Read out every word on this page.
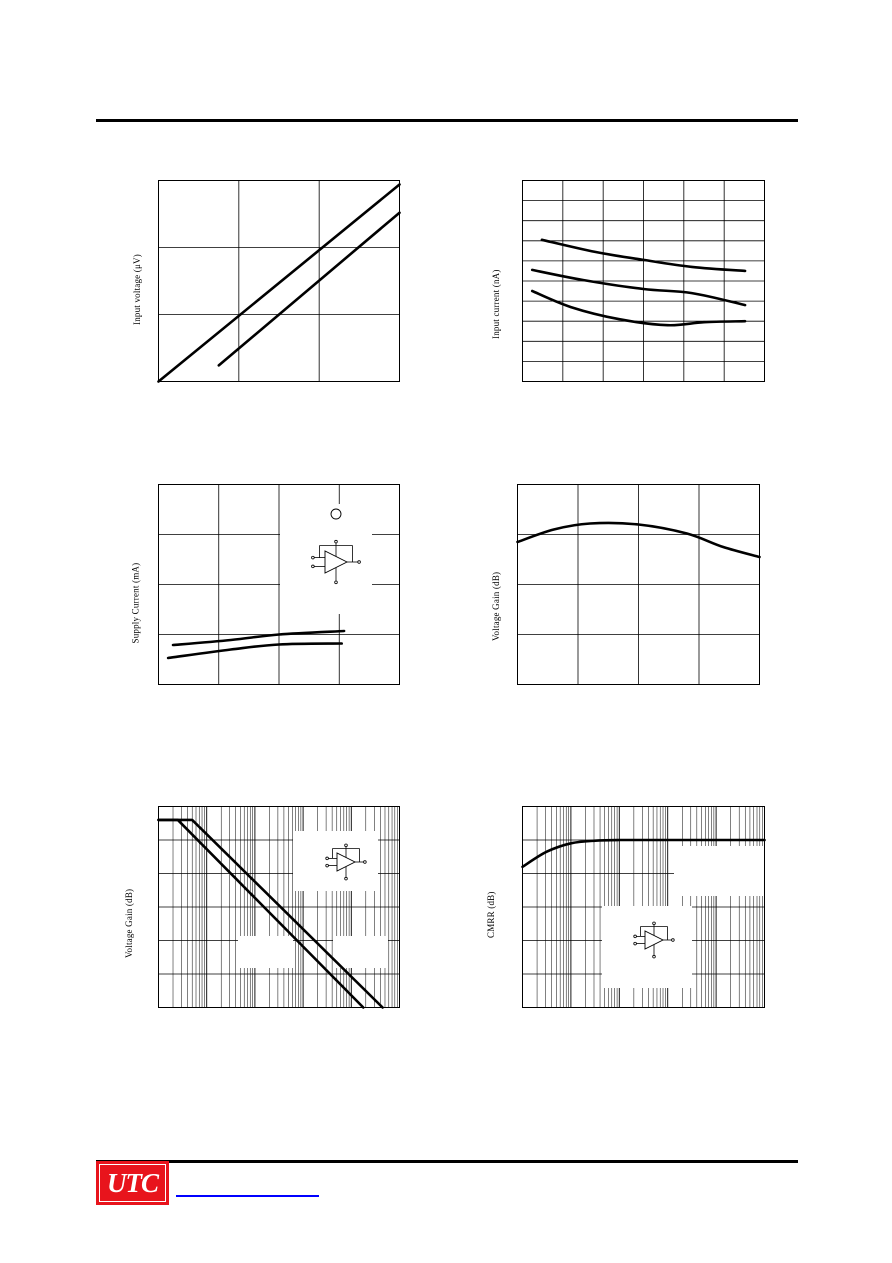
Input voltage (μV)	Input current (nA)
Supply Current (mA)	Voltage Gain (dB)
Voltage Gain (dB)	CMRR (dB)
UTC
